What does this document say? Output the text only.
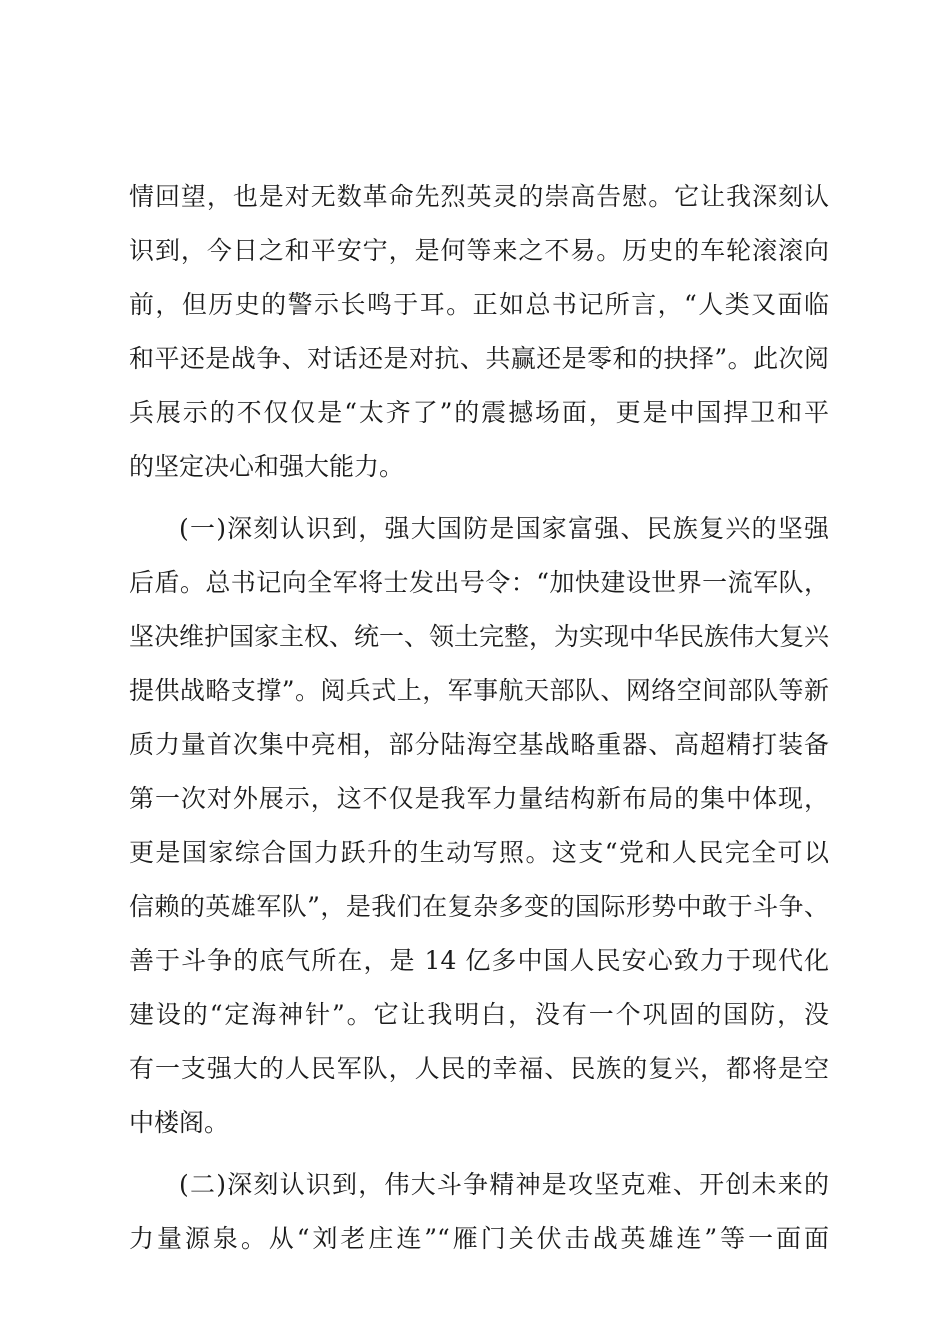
情回望，也是对无数革命先烈英灵的崇高告慰。它让我深刻认
识到，今日之和平安宁，是何等来之不易。历史的车轮滚滚向
前，但历史的警示长鸣于耳。正如总书记所言，“人类又面临
和平还是战争、对话还是对抗、共赢还是零和的抉择”。此次阅
兵展示的不仅仅是“太齐了”的震撼场面，更是中国捍卫和平
的坚定决心和强大能力。
(一)深刻认识到，强大国防是国家富强、民族复兴的坚强
后盾。总书记向全军将士发出号令：“加快建设世界一流军队，
坚决维护国家主权、统一、领土完整，为实现中华民族伟大复兴
提供战略支撑”。阅兵式上，军事航天部队、网络空间部队等新
质力量首次集中亮相，部分陆海空基战略重器、高超精打装备
第一次对外展示，这不仅是我军力量结构新布局的集中体现，
更是国家综合国力跃升的生动写照。这支“党和人民完全可以
信赖的英雄军队”，是我们在复杂多变的国际形势中敢于斗争、
善于斗争的底气所在，是 14 亿多中国人民安心致力于现代化
建设的“定海神针”。它让我明白，没有一个巩固的国防，没
有一支强大的人民军队，人民的幸福、民族的复兴，都将是空
中楼阁。
(二)深刻认识到，伟大斗争精神是攻坚克难、开创未来的
力量源泉。从“刘老庄连”“雁门关伏击战英雄连”等一面面
